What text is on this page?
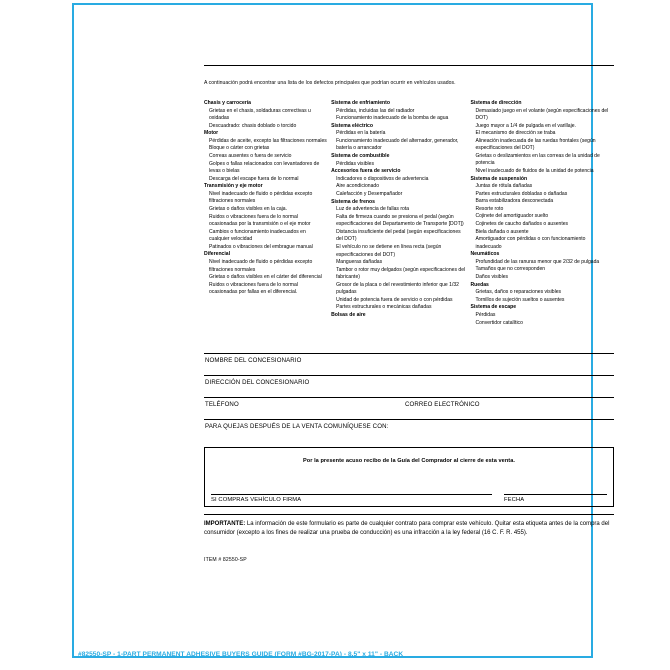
A continuación podrá encontrar una lista de los defectos principales que podrían ocurrir en vehículos usados.
Chasis y carrocería
Grietas en el chasis, soldaduras correctivas u oxidadas
Descuadrado: chasis doblado o torcido
Motor
Pérdidas de aceite, excepto las filtraciones normales
Bloque o cárter con grietas
Correas ausentes o fuera de servicio
Golpes o fallas relacionados con levantadores de levas o bielas
Descarga del escape fuera de lo normal
Transmisión y eje motor
Nivel inadecuado de fluido o pérdidas excepto filtraciones normales
Grietas o daños visibles en la caja.
Ruidos o vibraciones fuera de lo normal ocasionadas por la transmisión o el eje motor
Cambios o funcionamiento inadecuados en cualquier velocidad
Patinados o vibraciones del embrague manual
Diferencial
Nivel inadecuado de fluido o pérdidas excepto filtraciones normales
Grietas o daños visibles en el cárter del diferencial
Ruidos o vibraciones fuera de lo normal ocasionadas por fallas en el diferencial.
Sistema de enfriamiento
Pérdidas, incluidas las del radiador
Funcionamiento inadecuado de la bomba de agua
Sistema eléctrico
Pérdidas en la batería
Funcionamiento inadecuado del alternador, generador, batería o arrancador
Sistema de combustible
Pérdidas visibles
Accesorios fuera de servicio
Indicadores o dispositivos de advertencia
Aire acondicionado
Calefacción y Desempañador
Sistema de frenos
Luz de advertencia de fallas rota
Falta de firmeza cuando se presiona el pedal (según especificaciones del Departamento de Transporte [DOT])
Distancia insuficiente del pedal (según especificaciones del DOT)
El vehículo no se detiene en línea recta (según especificaciones del DOT)
Mangueras dañadas
Tambor o rotor muy delgados (según especificaciones del fabricante)
Grosor de la placa o del revestimiento inferior que 1/32 pulgadas
Unidad de potencia fuera de servicio o con pérdidas
Partes estructurales o mecánicas dañadas
Bolsas de aire
Sistema de dirección
Demasiado juego en el volante (según especificaciones del DOT)
Juego mayor a 1/4 de pulgada en el varillaje.
El mecanismo de dirección se traba
Alineación inadecuada de las ruedas frontales (según especificaciones del DOT)
Grietas o deslizamientos en las correas de la unidad de potencia
Nivel inadecuado de fluidos de la unidad de potencia
Sistema de suspensión
Juntas de rótula dañadas
Partes estructurales dobladas o dañadas
Barra estabilizadora desconectada
Resorte roto
Cojinete del amortiguador suelto
Cojinetes de caucho dañados o ausentes
Biela dañada o ausente
Amortiguador con pérdidas o con funcionamiento inadecuado
Neumáticos
Profundidad de las ranuras menor que 2/32 de pulgada
Tamaños que no corresponden
Daños visibles
Ruedas
Grietas, daños o reparaciones visibles
Tornillos de sujeción sueltos o ausentes
Sistema de escape
Pérdidas
Convertidor catalítico
NOMBRE DEL CONCESIONARIO
DIRECCIÓN DEL CONCESIONARIO
TELÉFONO	CORREO ELECTRÓNICO
PARA QUEJAS DESPUÉS DE LA VENTA COMUNÍQUESE CON:
Por la presente acuso recibo de la Guía del Comprador al cierre de esta venta.
SI COMPRAS VEHÍCULO FIRMA	FECHA
IMPORTANTE: La información de este formulario es parte de cualquier contrato para comprar este vehículo. Quitar esta etiqueta antes de la compra del consumidor (excepto a los fines de realizar una prueba de conducción) es una infracción a la ley federal (16 C. F. R. 455).
ITEM # 82550-SP
#82550-SP - 1-PART PERMANENT ADHESIVE BUYERS GUIDE (FORM #BG-2017-PA) - 8.5" x 11" - BACK
